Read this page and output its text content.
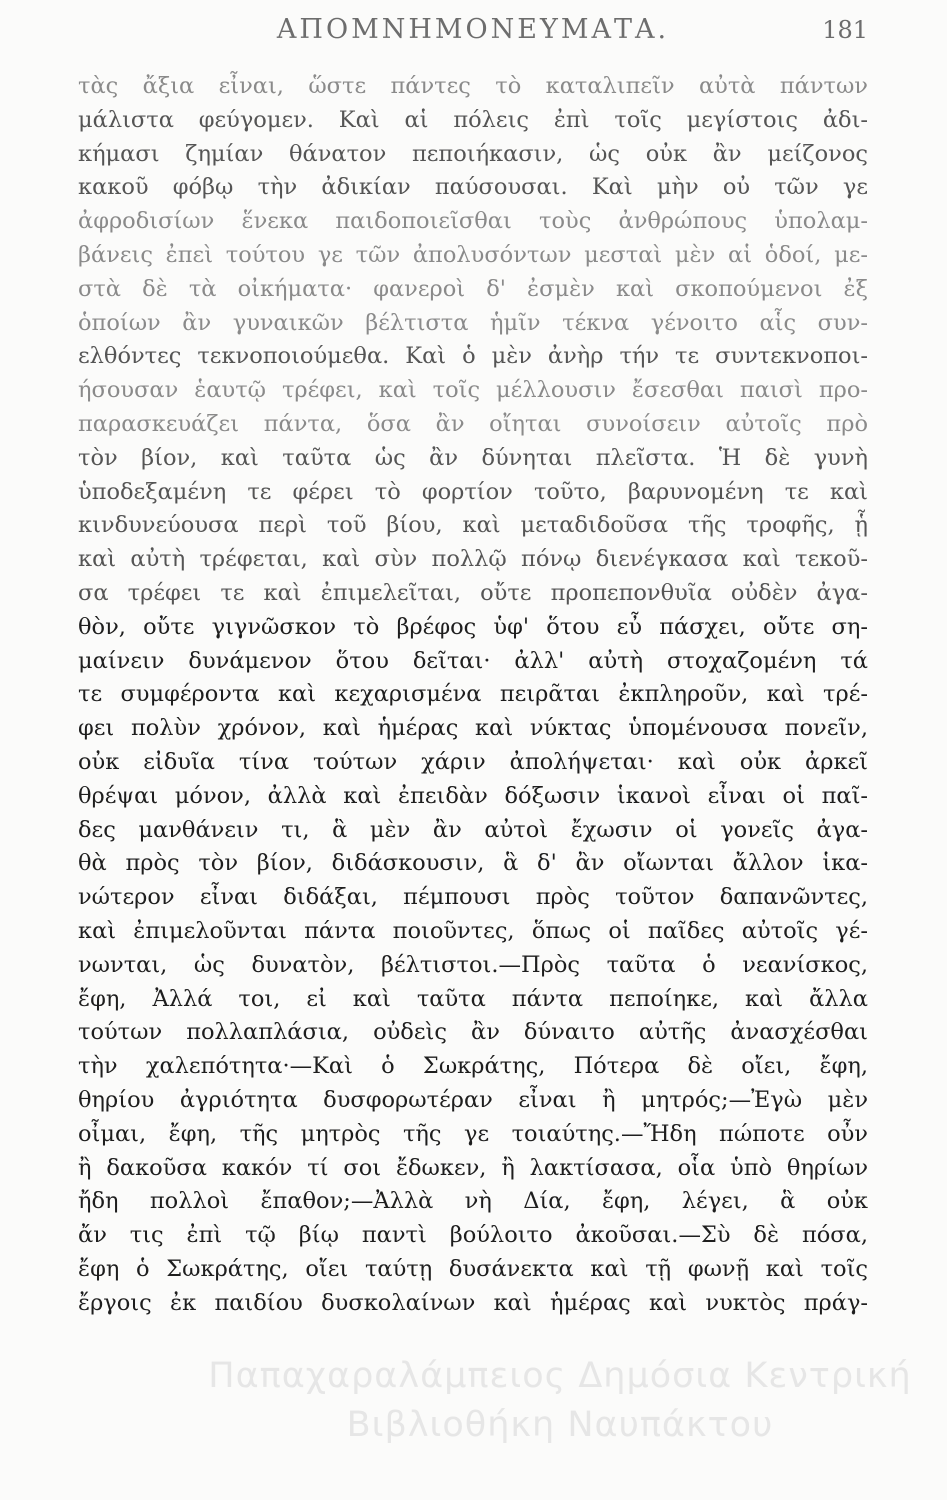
ΑΠΟΜΝΗΜΟΝΕΥΜΑΤΑ.	181
τὰς ἄξια εἶναι, ὥστε πάντες τὸ καταλιπεῖν αὐτὰ πάντων
μάλιστα φεύγομεν. Καὶ αἱ πόλεις ἐπὶ τοῖς μεγίστοις ἀδι-
κήμασι ζημίαν θάνατον πεποιήκασιν, ὡς οὐκ ἂν μείζονος
κακοῦ φόβῳ τὴν ἀδικίαν παύσουσαι. Καὶ μὴν οὐ τῶν γε
ἀφροδισίων ἕνεκα παιδοποιεῖσθαι τοὺς ἀνθρώπους ὑπολαμ-
βάνεις ἐπεὶ τούτου γε τῶν ἀπολυσόντων μεσταὶ μὲν αἱ ὁδοί, με-
στὰ δὲ τὰ οἰκήματα· φανεροὶ δ' ἐσμὲν καὶ σκοπούμενοι ἐξ
ὁποίων ἂν γυναικῶν βέλτιστα ἡμῖν τέκνα γένοιτο αἷς συν-
ελθόντες τεκνοποιούμεθα. Καὶ ὁ μὲν ἀνὴρ τήν τε συντεκνοποι-
ήσουσαν ἑαυτῷ τρέφει, καὶ τοῖς μέλλουσιν ἔσεσθαι παισὶ προ-
παρασκευάζει πάντα, ὅσα ἂν οἴηται συνοίσειν αὐτοῖς πρὸ
τὸν βίον, καὶ ταῦτα ὡς ἂν δύνηται πλεῖστα. Ἡ δὲ γυνὴ
ὑποδεξαμένη τε φέρει τὸ φορτίον τοῦτο, βαρυνομένη τε καὶ
κινδυνεύουσα περὶ τοῦ βίου, καὶ μεταδιδοῦσα τῆς τροφῆς, ᾗ
καὶ αὐτὴ τρέφεται, καὶ σὺν πολλῷ πόνῳ διενέγκασα καὶ τεκοῦ-
σα τρέφει τε καὶ ἐπιμελεῖται, οὔτε προπεπονθυῖα οὐδὲν ἀγα-
θὸν, οὔτε γιγνῶσκον τὸ βρέφος ὑφ' ὅτου εὖ πάσχει, οὔτε ση-
μαίνειν δυνάμενον ὅτου δεῖται· ἀλλ' αὐτὴ στοχαζομένη τά
τε συμφέροντα καὶ κεχαρισμένα πειρᾶται ἐκπληροῦν, καὶ τρέ-
φει πολὺν χρόνον, καὶ ἡμέρας καὶ νύκτας ὑπομένουσα πονεῖν,
οὐκ εἰδυῖα τίνα τούτων χάριν ἀπολήψεται· καὶ οὐκ ἀρκεῖ
θρέψαι μόνον, ἀλλὰ καὶ ἐπειδὰν δόξωσιν ἱκανοὶ εἶναι οἱ παῖ-
δες μανθάνειν τι, ἃ μὲν ἂν αὐτοὶ ἔχωσιν οἱ γονεῖς ἀγα-
θὰ πρὸς τὸν βίον, διδάσκουσιν, ἃ δ' ἂν οἴωνται ἄλλον ἱκα-
νώτερον εἶναι διδάξαι, πέμπουσι πρὸς τοῦτον δαπανῶντες,
καὶ ἐπιμελοῦνται πάντα ποιοῦντες, ὅπως οἱ παῖδες αὐτοῖς γέ-
νωνται, ὡς δυνατὸν, βέλτιστοι.—Πρὸς ταῦτα ὁ νεανίσκος,
ἔφη, Ἀλλά τοι, εἰ καὶ ταῦτα πάντα πεποίηκε, καὶ ἄλλα
τούτων πολλαπλάσια, οὐδεὶς ἂν δύναιτο αὐτῆς ἀνασχέσθαι
τὴν χαλεπότητα·—Καὶ ὁ Σωκράτης, Πότερα δὲ οἴει, ἔφη,
θηρίου ἀγριότητα δυσφορωτέραν εἶναι ἢ μητρός;—Ἐγὼ μὲν
οἶμαι, ἔφη, τῆς μητρὸς τῆς γε τοιαύτης.—Ἤδη πώποτε οὖν
ἢ δακοῦσα κακόν τί σοι ἔδωκεν, ἢ λακτίσασα, οἷα ὑπὸ θηρίων
ἤδη πολλοὶ ἔπαθον;—Ἀλλὰ νὴ Δία, ἔφη, λέγει, ἃ οὐκ
ἄν τις ἐπὶ τῷ βίῳ παντὶ βούλοιτο ἀκοῦσαι.—Σὺ δὲ πόσα,
ἔφη ὁ Σωκράτης, οἴει ταύτῃ δυσάνεκτα καὶ τῇ φωνῇ καὶ τοῖς
ἔργοις ἐκ παιδίου δυσκολαίνων καὶ ἡμέρας καὶ νυκτὸς πράγ-
Παπαχαραλάμπειος Δημόσια Κεντρική
Βιβλιοθήκη Ναυπάκτου
